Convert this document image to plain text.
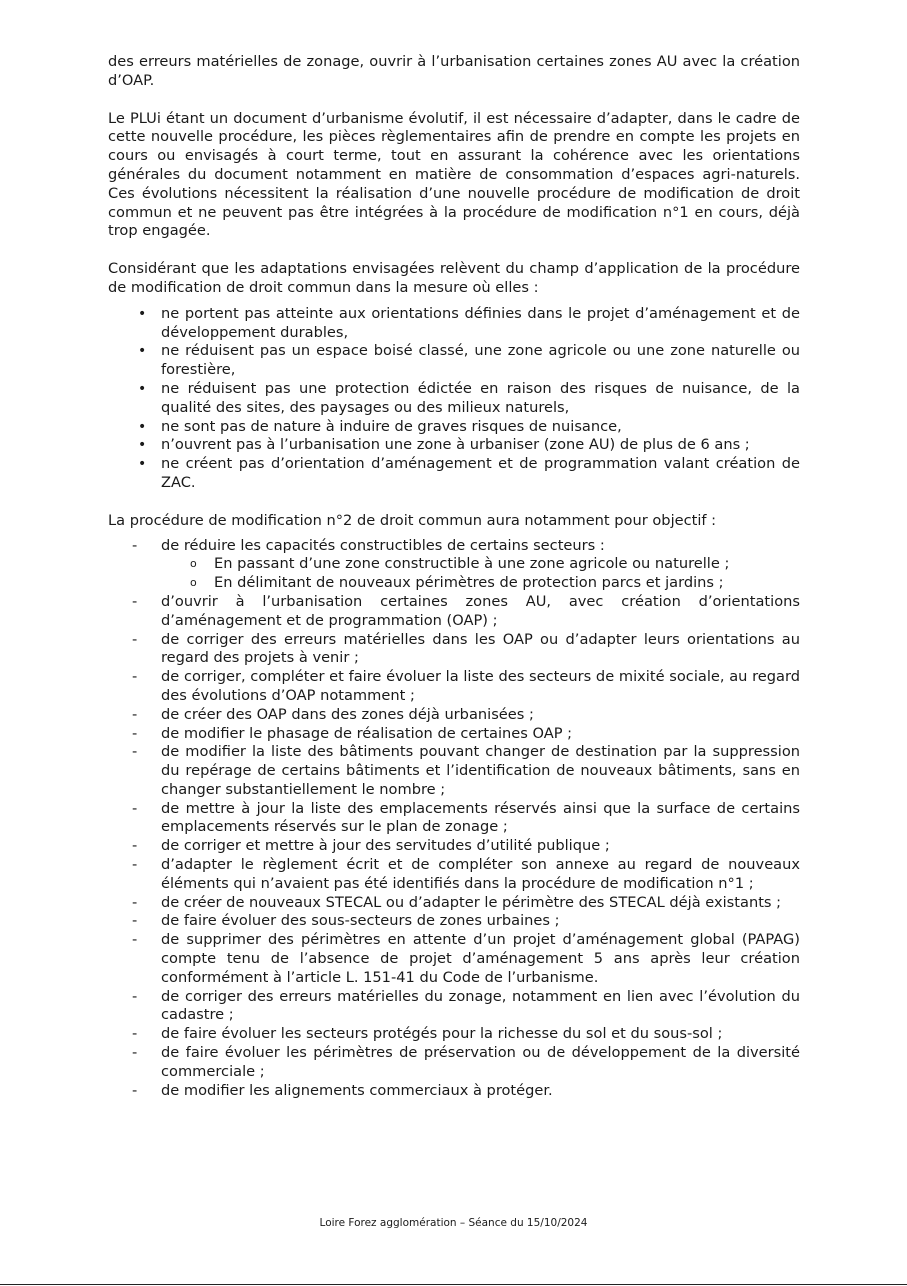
des erreurs matérielles de zonage, ouvrir à l’urbanisation certaines zones AU avec la création d’OAP.

Le PLUi étant un document d’urbanisme évolutif, il est nécessaire d’adapter, dans le cadre de cette nouvelle procédure, les pièces règlementaires afin de prendre en compte les projets en cours ou envisagés à court terme, tout en assurant la cohérence avec les orientations générales du document notamment en matière de consommation d’espaces agri-naturels. Ces évolutions nécessitent la réalisation d’une nouvelle procédure de modification de droit commun et ne peuvent pas être intégrées à la procédure de modification n°1 en cours, déjà trop engagée.

Considérant que les adaptations envisagées relèvent du champ d’application de la procédure de modification de droit commun dans la mesure où elles :

• ne portent pas atteinte aux orientations définies dans le projet d’aménagement et de développement durables,
• ne réduisent pas un espace boisé classé, une zone agricole ou une zone naturelle ou forestière,
• ne réduisent pas une protection édictée en raison des risques de nuisance, de la qualité des sites, des paysages ou des milieux naturels,
• ne sont pas de nature à induire de graves risques de nuisance,
• n’ouvrent pas à l’urbanisation une zone à urbaniser (zone AU) de plus de 6 ans ;
• ne créent pas d’orientation d’aménagement et de programmation valant création de ZAC.

La procédure de modification n°2 de droit commun aura notamment pour objectif :

- de réduire les capacités constructibles de certains secteurs :
o En passant d’une zone constructible à une zone agricole ou naturelle ;
o En délimitant de nouveaux périmètres de protection parcs et jardins ;
- d’ouvrir à l’urbanisation certaines zones AU, avec création d’orientations d’aménagement et de programmation (OAP) ;
- de corriger des erreurs matérielles dans les OAP ou d’adapter leurs orientations au regard des projets à venir ;
- de corriger, compléter et faire évoluer la liste des secteurs de mixité sociale, au regard des évolutions d’OAP notamment ;
- de créer des OAP dans des zones déjà urbanisées ;
- de modifier le phasage de réalisation de certaines OAP ;
- de modifier la liste des bâtiments pouvant changer de destination par la suppression du repérage de certains bâtiments et l’identification de nouveaux bâtiments, sans en changer substantiellement le nombre ;
- de mettre à jour la liste des emplacements réservés ainsi que la surface de certains emplacements réservés sur le plan de zonage ;
- de corriger et mettre à jour des servitudes d’utilité publique ;
- d’adapter le règlement écrit et de compléter son annexe au regard de nouveaux éléments qui n’avaient pas été identifiés dans la procédure de modification n°1 ;
- de créer de nouveaux STECAL ou d’adapter le périmètre des STECAL déjà existants ;
- de faire évoluer des sous-secteurs de zones urbaines ;
- de supprimer des périmètres en attente d’un projet d’aménagement global (PAPAG) compte tenu de l’absence de projet d’aménagement 5 ans après leur création conformément à l’article L. 151-41 du Code de l’urbanisme.
- de corriger des erreurs matérielles du zonage, notamment en lien avec l’évolution du cadastre ;
- de faire évoluer les secteurs protégés pour la richesse du sol et du sous-sol ;
- de faire évoluer les périmètres de préservation ou de développement de la diversité commerciale ;
- de modifier les alignements commerciaux à protéger.
Loire Forez agglomération – Séance du 15/10/2024
